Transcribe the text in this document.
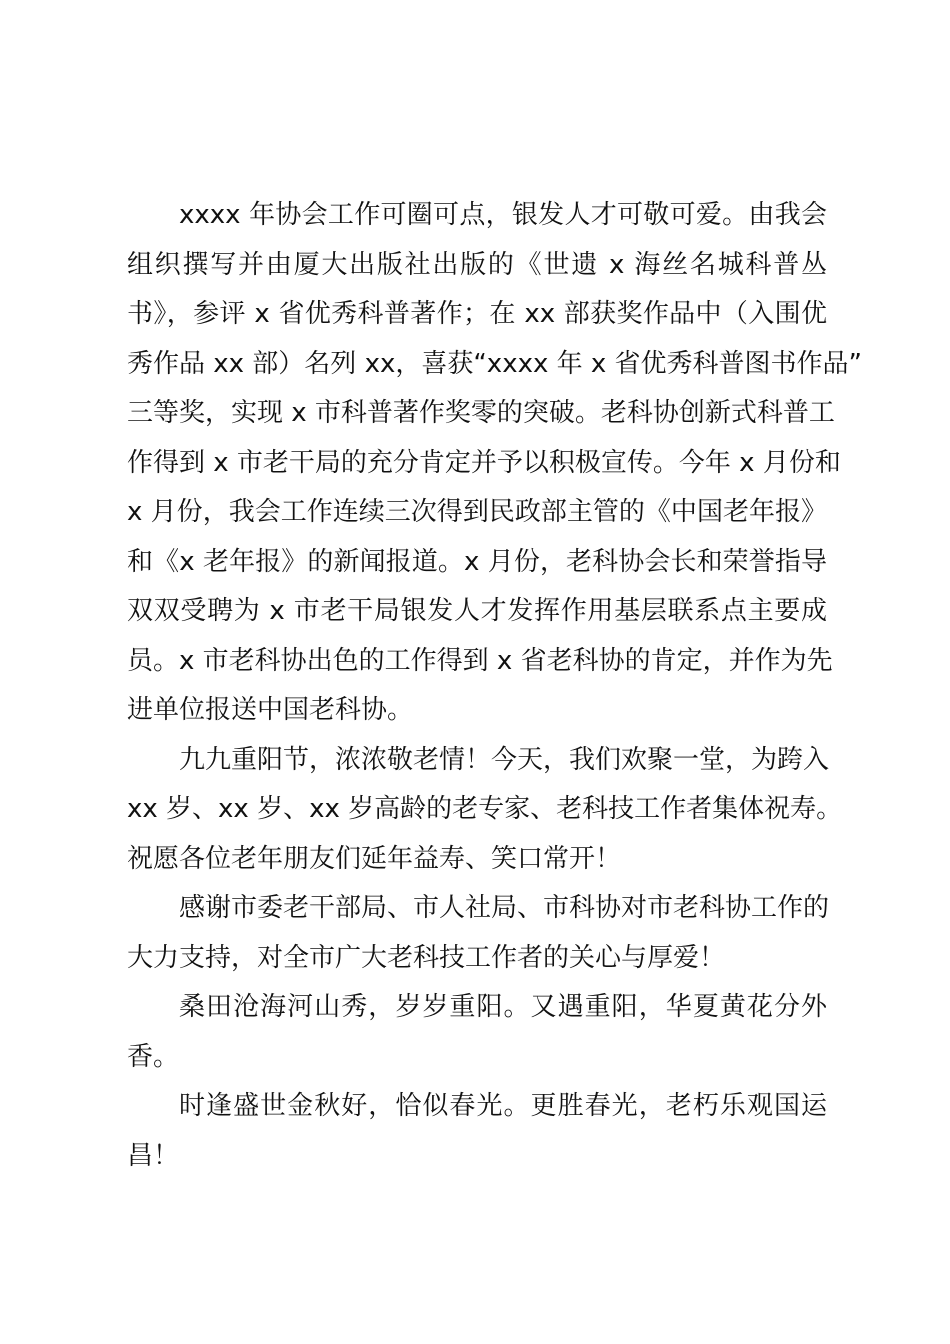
xxxx 年协会工作可圈可点，银发人才可敬可爱。由我会
组织撰写并由厦大出版社出版的《世遗 x 海丝名城科普丛
书》，参评 x 省优秀科普著作；在 xx 部获奖作品中（入围优
秀作品 xx 部）名列 xx，喜获“xxxx 年 x 省优秀科普图书作品”
三等奖，实现 x 市科普著作奖零的突破。老科协创新式科普工
作得到 x 市老干局的充分肯定并予以积极宣传。今年 x 月份和
x 月份，我会工作连续三次得到民政部主管的《中国老年报》
和《x 老年报》的新闻报道。x 月份，老科协会长和荣誉指导
双双受聘为 x 市老干局银发人才发挥作用基层联系点主要成
员。x 市老科协出色的工作得到 x 省老科协的肯定，并作为先
进单位报送中国老科协。
九九重阳节，浓浓敬老情！今天，我们欢聚一堂，为跨入
xx 岁、xx 岁、xx 岁高龄的老专家、老科技工作者集体祝寿。
祝愿各位老年朋友们延年益寿、笑口常开！
感谢市委老干部局、市人社局、市科协对市老科协工作的
大力支持，对全市广大老科技工作者的关心与厚爱！
桑田沧海河山秀，岁岁重阳。又遇重阳，华夏黄花分外
香。
时逢盛世金秋好，恰似春光。更胜春光，老朽乐观国运
昌！
